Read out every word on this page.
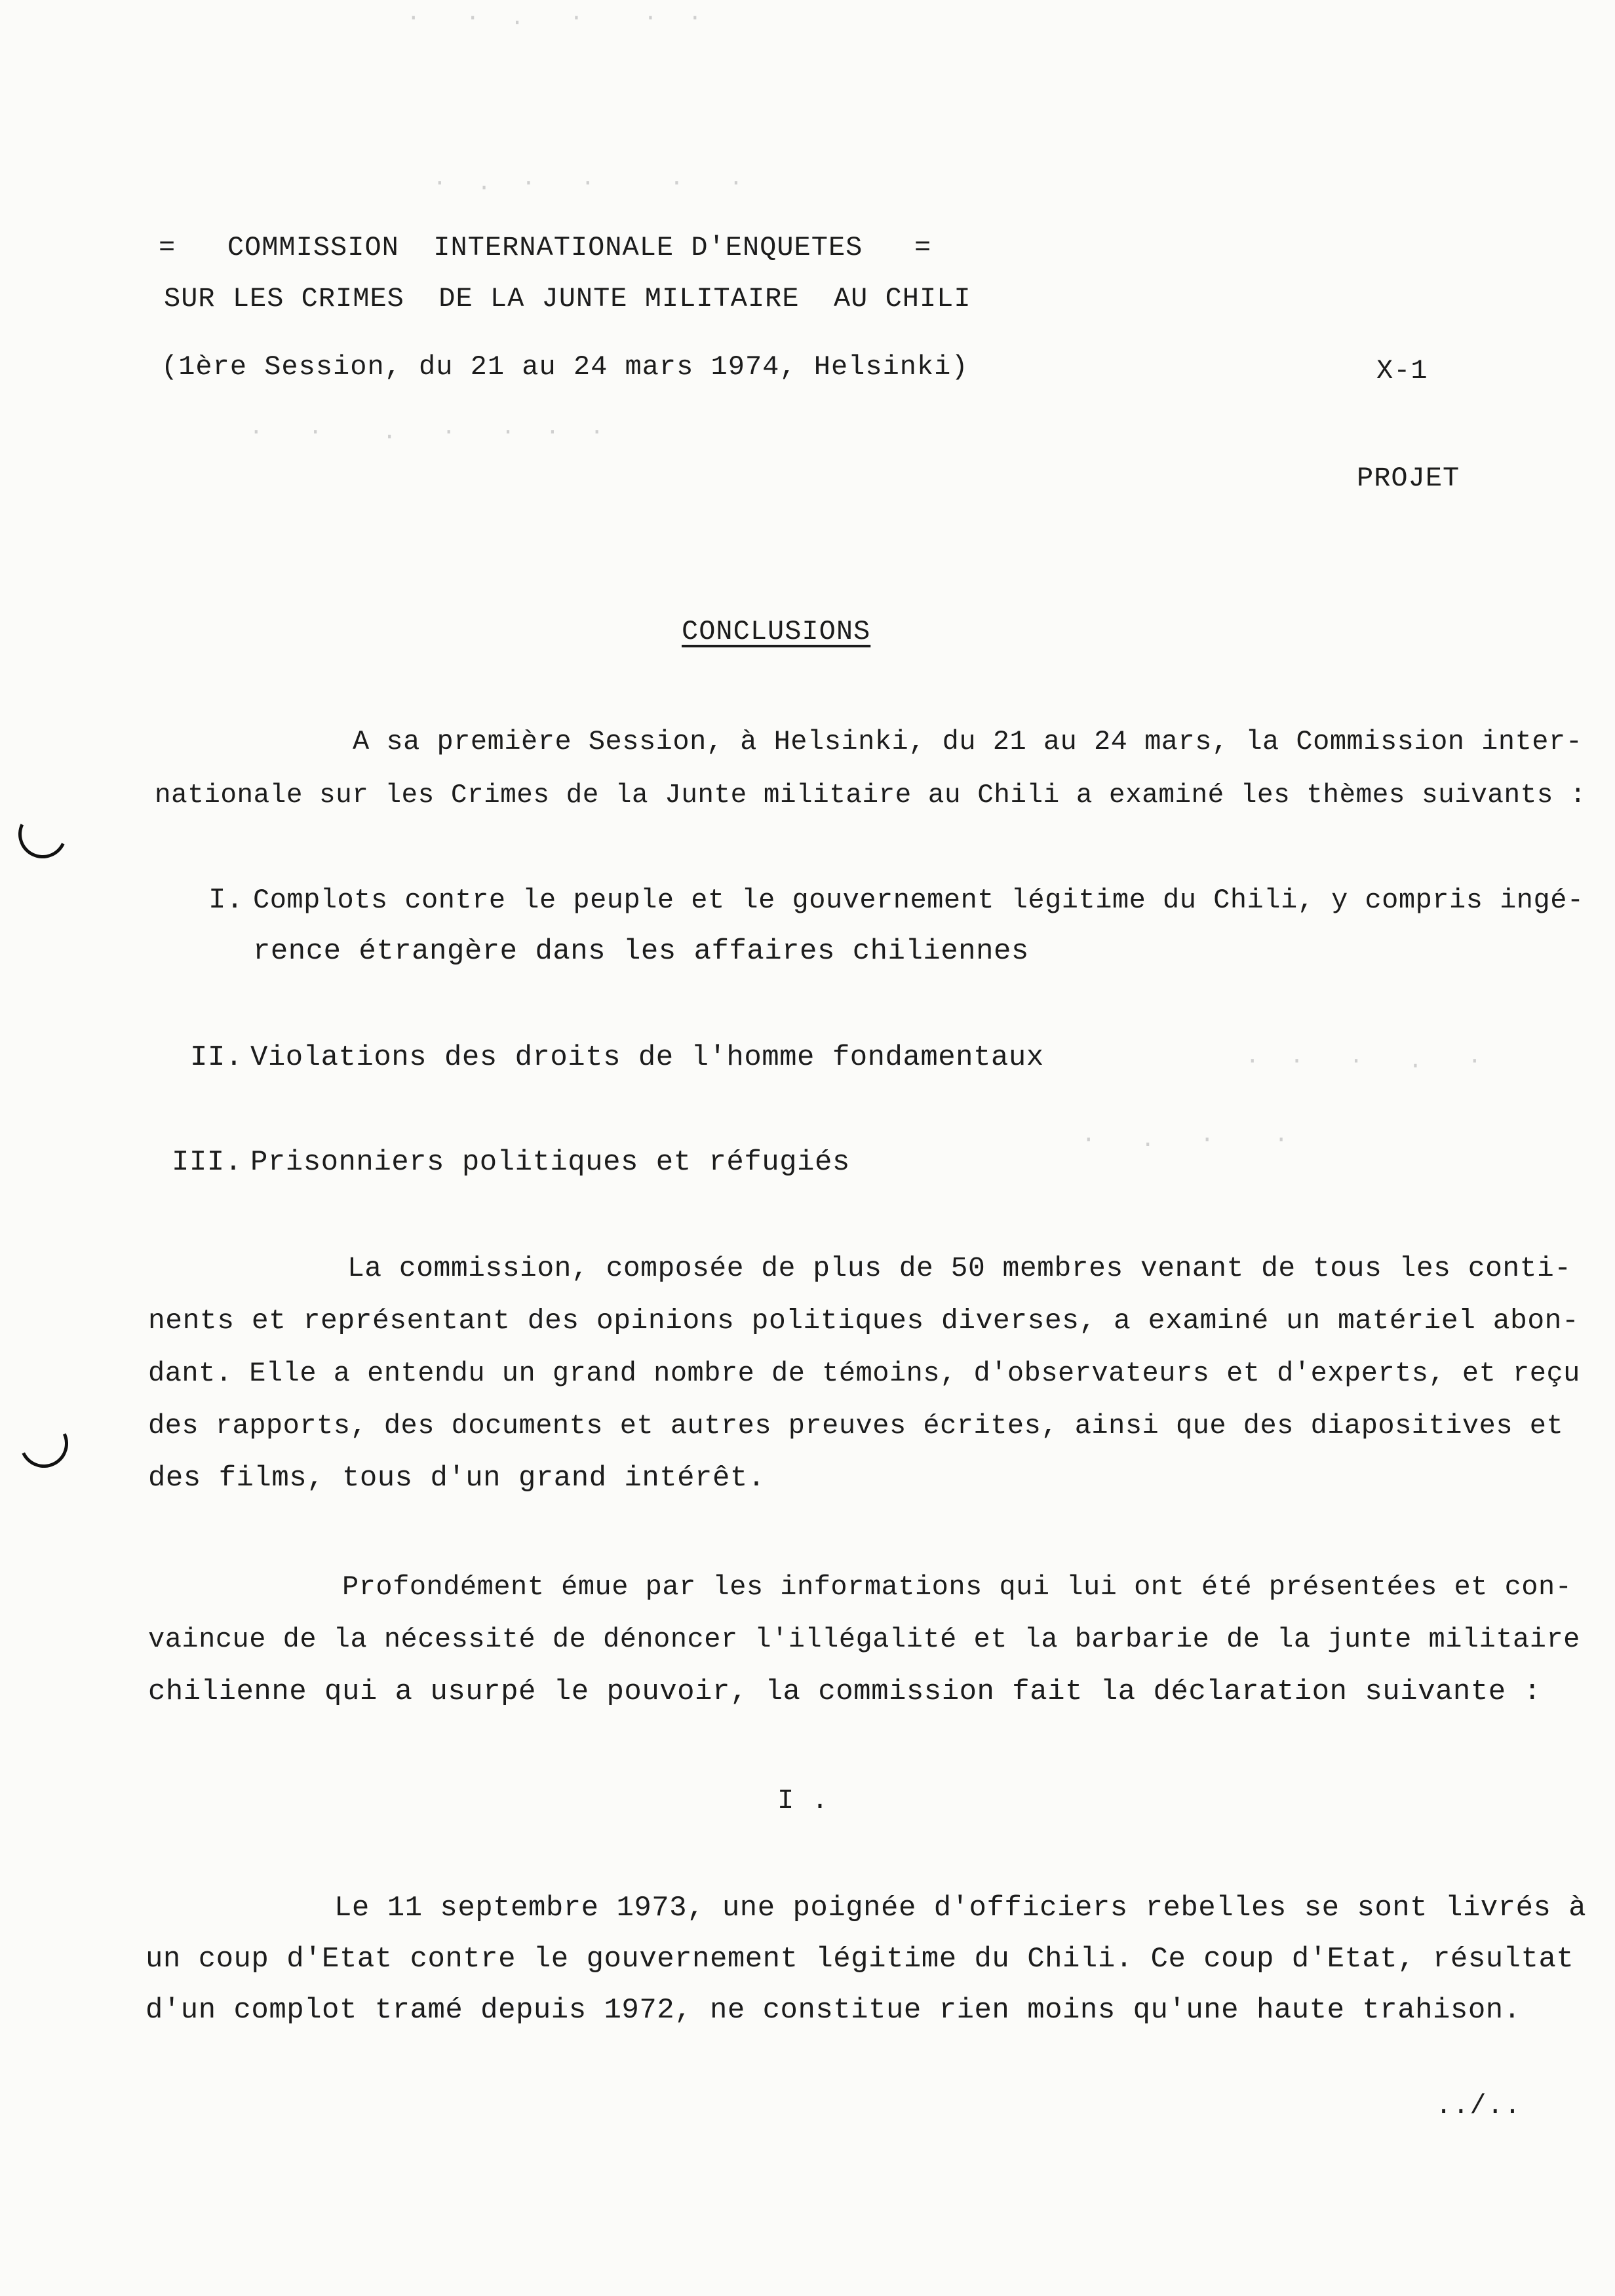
·   ·  .   ·    ·  ·
·  .  ·   ·     ·   ·
·   ·    .   ·   ·  ·  ·
·  ·   ·   .   ·
·   .   ·    ·
=   COMMISSION  INTERNATIONALE D'ENQUETES   =
SUR LES CRIMES  DE LA JUNTE MILITAIRE  AU CHILI
(1ère Session, du 21 au 24 mars 1974, Helsinki)	X-1
PROJET
CONCLUSIONS
A sa première Session, à Helsinki, du 21 au 24 mars, la Commission inter-
nationale sur les Crimes de la Junte militaire au Chili a examiné les thèmes suivants :
I. Complots contre le peuple et le gouvernement légitime du Chili, y compris ingé-
rence étrangère dans les affaires chiliennes
II. Violations des droits de l'homme fondamentaux
III. Prisonniers politiques et réfugiés
La commission, composée de plus de 50 membres venant de tous les conti-
nents et représentant des opinions politiques diverses, a examiné un matériel abon-
dant. Elle a entendu un grand nombre de témoins, d'observateurs et d'experts, et reçu
des rapports, des documents et autres preuves écrites, ainsi que des diapositives et
des films, tous d'un grand intérêt.
Profondément émue par les informations qui lui ont été présentées et con-
vaincue de la nécessité de dénoncer l'illégalité et la barbarie de la junte militaire
chilienne qui a usurpé le pouvoir, la commission fait la déclaration suivante :
I .
Le 11 septembre 1973, une poignée d'officiers rebelles se sont livrés à
un coup d'Etat contre le gouvernement légitime du Chili. Ce coup d'Etat, résultat
d'un complot tramé depuis 1972, ne constitue rien moins qu'une haute trahison.
../..
